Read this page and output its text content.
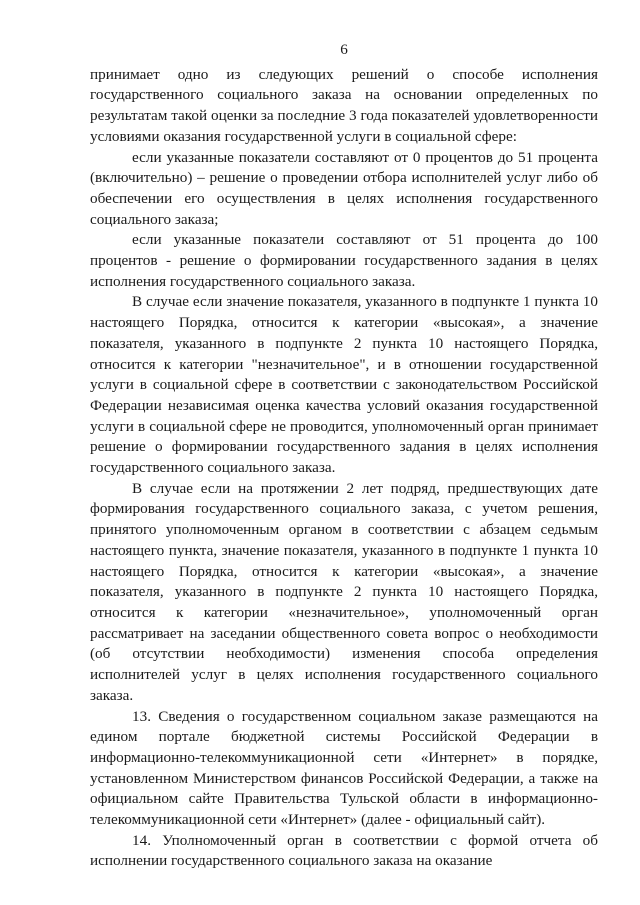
6

принимает одно из следующих решений о способе исполнения государственного социального заказа на основании определенных по результатам такой оценки за последние 3 года показателей удовлетворенности условиями оказания государственной услуги в социальной сфере:

если указанные показатели составляют от 0 процентов до 51 процента (включительно) – решение о проведении отбора исполнителей услуг либо об обеспечении его осуществления в целях исполнения государственного социального заказа;

если указанные показатели составляют от 51 процента до 100 процентов - решение о формировании государственного задания в целях исполнения государственного социального заказа.

В случае если значение показателя, указанного в подпункте 1 пункта 10 настоящего Порядка, относится к категории «высокая», а значение показателя, указанного в подпункте 2 пункта 10 настоящего Порядка, относится к категории "незначительное", и в отношении государственной услуги в социальной сфере в соответствии с законодательством Российской Федерации независимая оценка качества условий оказания государственной услуги в социальной сфере не проводится, уполномоченный орган принимает решение о формировании государственного задания в целях исполнения государственного социального заказа.

В случае если на протяжении 2 лет подряд, предшествующих дате формирования государственного социального заказа, с учетом решения, принятого уполномоченным органом в соответствии с абзацем седьмым настоящего пункта, значение показателя, указанного в подпункте 1 пункта 10 настоящего Порядка, относится к категории «высокая», а значение показателя, указанного в подпункте 2 пункта 10 настоящего Порядка, относится к категории «незначительное», уполномоченный орган рассматривает на заседании общественного совета вопрос о необходимости (об отсутствии необходимости) изменения способа определения исполнителей услуг в целях исполнения государственного социального заказа.

13. Сведения о государственном социальном заказе размещаются на едином портале бюджетной системы Российской Федерации в информационно-телекоммуникационной сети «Интернет» в порядке, установленном Министерством финансов Российской Федерации, а также на официальном сайте Правительства Тульской области в информационно-телекоммуникационной сети «Интернет» (далее - официальный сайт).

14. Уполномоченный орган в соответствии с формой отчета об исполнении государственного социального заказа на оказание
